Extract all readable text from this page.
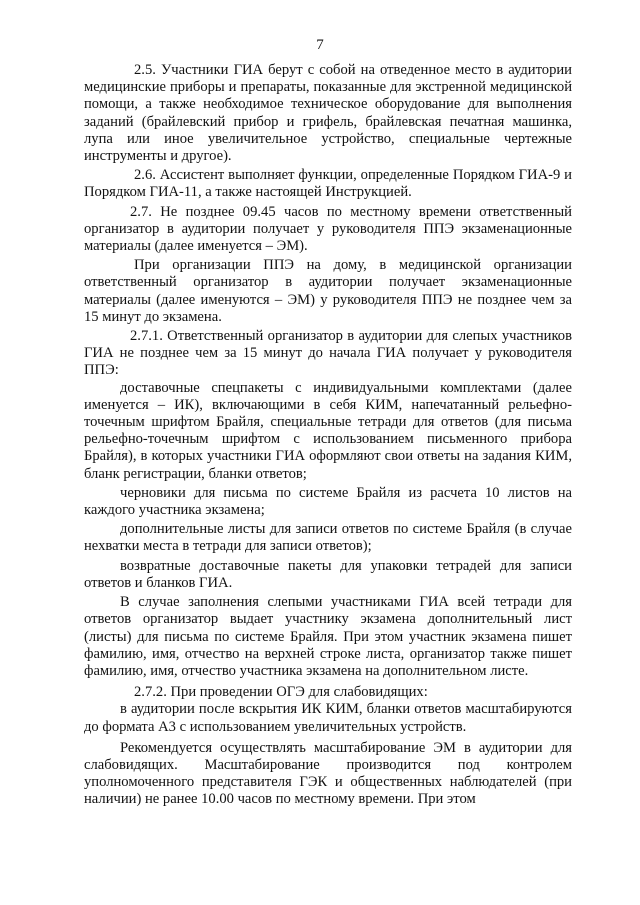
7

2.5. Участники ГИА берут с собой на отведенное место в аудитории медицинские приборы и препараты, показанные для экстренной медицинской помощи, а также необходимое техническое оборудование для выполнения заданий (брайлевский прибор и грифель, брайлевская печатная машинка, лупа или иное увеличительное устройство, специальные чертежные инструменты и другое).

2.6. Ассистент выполняет функции, определенные Порядком ГИА-9 и Порядком ГИА-11, а также настоящей Инструкцией.

2.7. Не позднее 09.45 часов по местному времени ответственный организатор в аудитории получает у руководителя ППЭ экзаменационные материалы (далее именуется – ЭМ).

При организации ППЭ на дому, в медицинской организации ответственный организатор в аудитории получает экзаменационные материалы (далее именуются – ЭМ) у руководителя ППЭ не позднее чем за 15 минут до экзамена.

2.7.1. Ответственный организатор в аудитории для слепых участников ГИА не позднее чем за 15 минут до начала ГИА получает у руководителя ППЭ:

доставочные спецпакеты с индивидуальными комплектами (далее именуется – ИК), включающими в себя КИМ, напечатанный рельефно-точечным шрифтом Брайля, специальные тетради для ответов (для письма рельефно-точечным шрифтом с использованием письменного прибора Брайля), в которых участники ГИА оформляют свои ответы на задания КИМ, бланк регистрации, бланки ответов;

черновики для письма по системе Брайля из расчета 10 листов на каждого участника экзамена;

дополнительные листы для записи ответов по системе Брайля (в случае нехватки места в тетради для записи ответов);

возвратные доставочные пакеты для упаковки тетрадей для записи ответов и бланков ГИА.

В случае заполнения слепыми участниками ГИА всей тетради для ответов организатор выдает участнику экзамена дополнительный лист (листы) для письма по системе Брайля. При этом участник экзамена пишет фамилию, имя, отчество на верхней строке листа, организатор также пишет фамилию, имя, отчество участника экзамена на дополнительном листе.

2.7.2. При проведении ОГЭ для слабовидящих:

в аудитории после вскрытия ИК КИМ, бланки ответов масштабируются до формата А3 с использованием увеличительных устройств.

Рекомендуется осуществлять масштабирование ЭМ в аудитории для слабовидящих. Масштабирование производится под контролем уполномоченного представителя ГЭК и общественных наблюдателей (при наличии) не ранее 10.00 часов по местному времени. При этом
